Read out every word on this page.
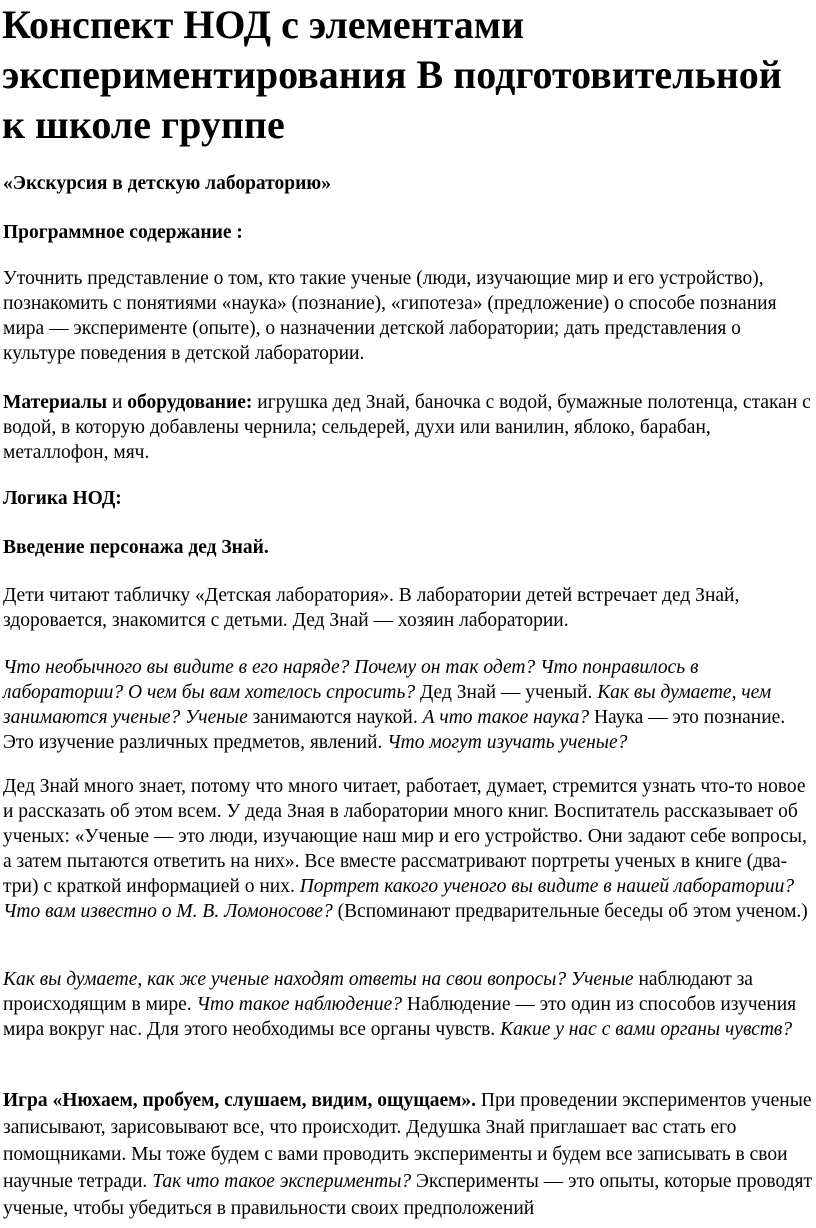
Конспект НОД с элементами экспериментирования В подготовительной к школе группе

«Экскурсия в детскую лабораторию»

Программное содержание :

Уточнить представление о том, кто такие ученые (люди, изучающие мир и его устройство), познакомить с понятиями «наука» (познание), «гипотеза» (предложение) о способе познания мира — эксперименте (опыте), о назначении детской лаборатории; дать представления о культуре поведения в детской лаборатории.

Материалы и оборудование: игрушка дед Знай, баночка с водой, бумажные полотенца, стакан с водой, в которую добавлены чернила; сельдерей, духи или ванилин, яблоко, барабан, металлофон, мяч.

Логика НОД:

Введение персонажа дед Знай.

Дети читают табличку «Детская лаборатория». В лаборатории детей встречает дед Знай, здоровается, знакомится с детьми. Дед Знай — хозяин лаборатории.

Что необычного вы видите в его наряде? Почему он так одет? Что понравилось в лаборатории? О чем бы вам хотелось спросить? Дед Знай — ученый. Как вы думаете, чем занимаются ученые? Ученые занимаются наукой. А что такое наука? Наука — это познание. Это изучение различных предметов, явлений. Что могут изучать ученые?

Дед Знай много знает, потому что много читает, работает, думает, стремится узнать что-то новое и рассказать об этом всем. У деда Зная в лаборатории много книг. Воспитатель рассказывает об ученых: «Ученые — это люди, изучающие наш мир и его устройство. Они задают себе вопросы, а затем пытаются ответить на них». Все вместе рассматривают портреты ученых в книге (два-три) с краткой информацией о них. Портрет какого ученого вы видите в нашей лаборатории? Что вам известно о М. В. Ломоносове? (Вспоминают предварительные беседы об этом ученом.)

Как вы думаете, как же ученые находят ответы на свои вопросы? Ученые наблюдают за происходящим в мире. Что такое наблюдение? Наблюдение — это один из способов изучения мира вокруг нас. Для этого необходимы все органы чувств. Какие у нас с вами органы чувств?

Игра «Нюхаем, пробуем, слушаем, видим, ощущаем». При проведении экспериментов ученые записывают, зарисовывают все, что происходит. Дедушка Знай приглашает вас стать его помощниками. Мы тоже будем с вами проводить эксперименты и будем все записывать в свои научные тетради. Так что такое эксперименты? Эксперименты — это опыты, которые проводят ученые, чтобы убедиться в правильности своих предположений
